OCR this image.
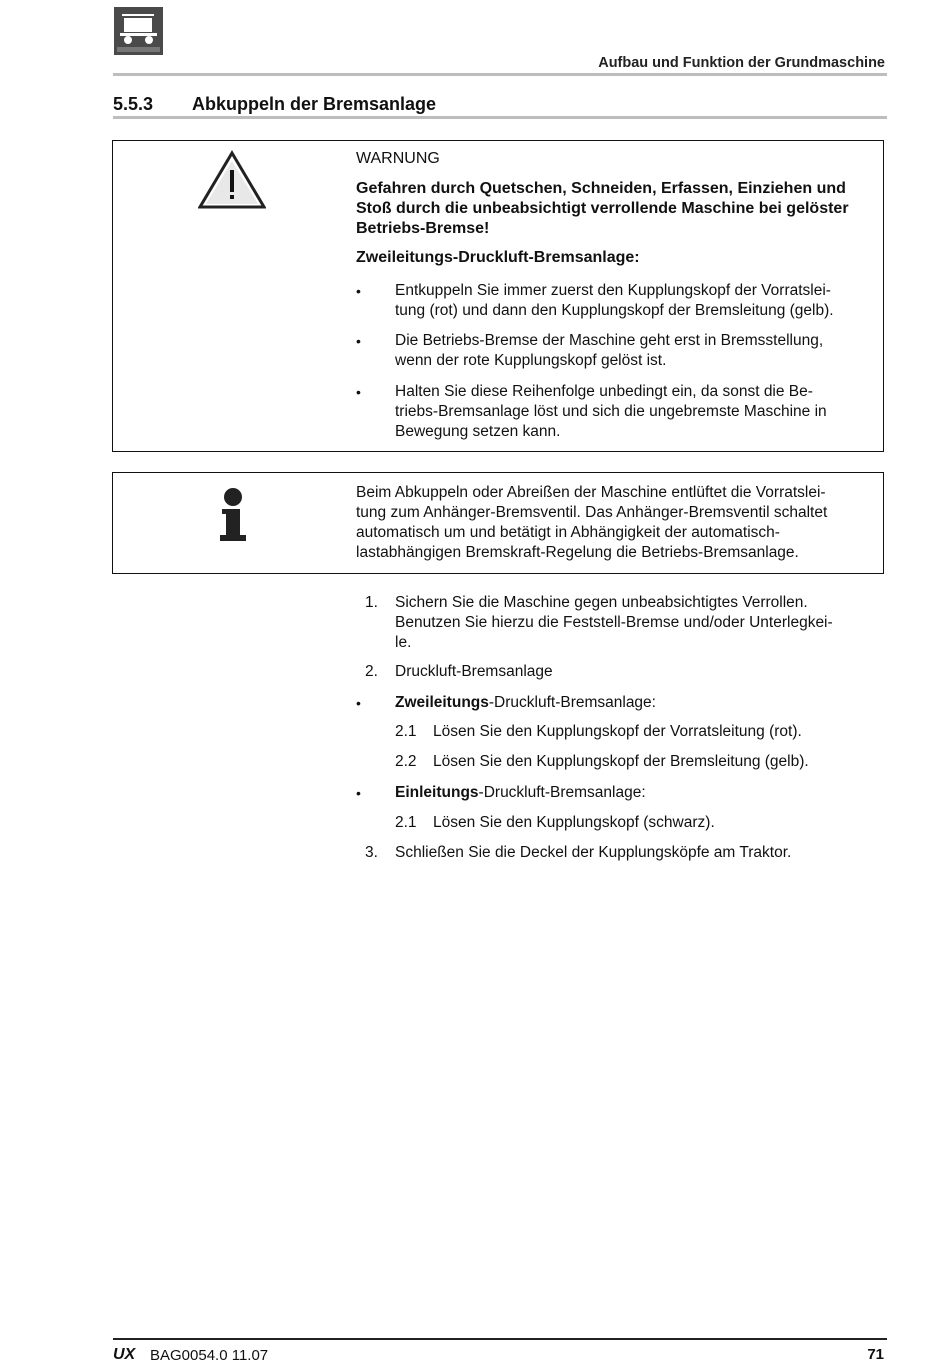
Aufbau und Funktion der Grundmaschine
5.5.3 Abkuppeln der Bremsanlage
WARNUNG
Gefahren durch Quetschen, Schneiden, Erfassen, Einziehen und Stoß durch die unbeabsichtigt verrollende Maschine bei gelöster Betriebs-Bremse!
Zweileitungs-Druckluft-Bremsanlage:
•	Entkuppeln Sie immer zuerst den Kupplungskopf der Vorratslei-
tung (rot) und dann den Kupplungskopf der Bremsleitung (gelb).
•	Die Betriebs-Bremse der Maschine geht erst in Bremsstellung,
wenn der rote Kupplungskopf gelöst ist.
•	Halten Sie diese Reihenfolge unbedingt ein, da sonst die Be-
triebs-Bremsanlage löst und sich die ungebremste Maschine in
Bewegung setzen kann.
Beim Abkuppeln oder Abreißen der Maschine entlüftet die Vorratslei-
tung zum Anhänger-Bremsventil. Das Anhänger-Bremsventil schaltet
automatisch um und betätigt in Abhängigkeit der automatisch-
lastabhängigen Bremskraft-Regelung die Betriebs-Bremsanlage.
1. Sichern Sie die Maschine gegen unbeabsichtigtes Verrollen.
Benutzen Sie hierzu die Feststell-Bremse und/oder Unterlegkei-
le.
2. Druckluft-Bremsanlage
•	Zweileitungs-Druckluft-Bremsanlage:
2.1 Lösen Sie den Kupplungskopf der Vorratsleitung (rot).
2.2 Lösen Sie den Kupplungskopf der Bremsleitung (gelb).
•	Einleitungs-Druckluft-Bremsanlage:
2.1 Lösen Sie den Kupplungskopf (schwarz).
3. Schließen Sie die Deckel der Kupplungsköpfe am Traktor.
UX BAG0054.0 11.07	71
